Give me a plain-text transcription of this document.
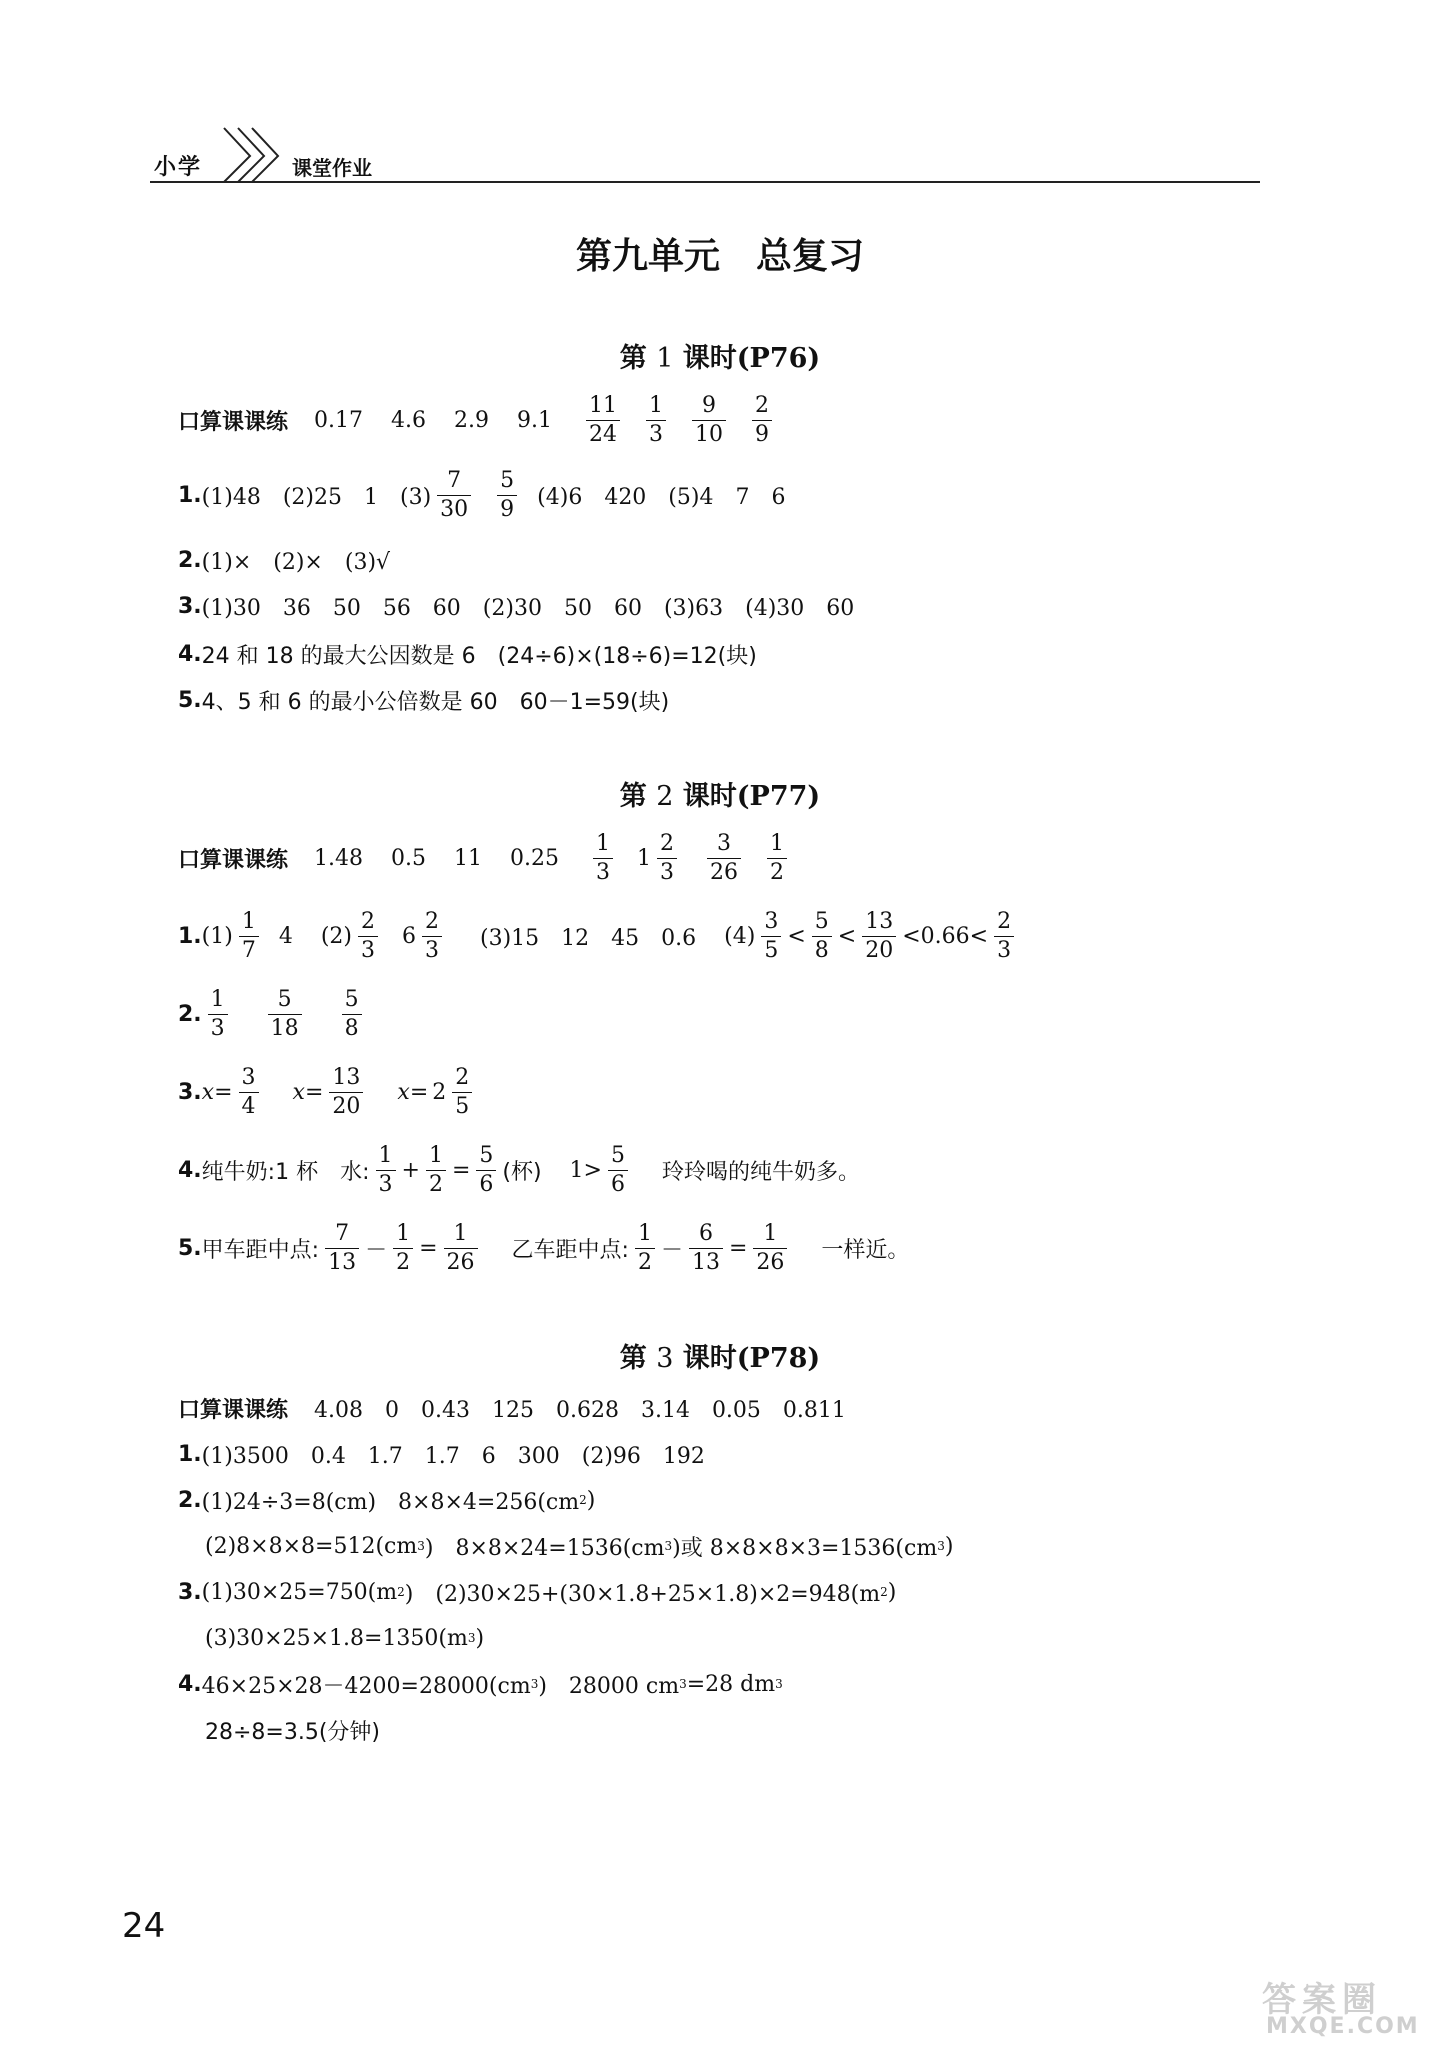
小学	课堂作业
第九单元　总复习
第 1 课时(P76)
口算课课练 0.17 4.6 2.9 $9.1 \frac{11}{24} \frac{1}{3} \frac{9}{10} \frac{2}{9}$
1. (1)48　(2)25　1　$(3) \frac{7}{30} \frac{5}{9} (4)6$　420　(5)4　7　6
2. (1)×　(2)×　(3)√
3. (1)30　36　50　56　60　(2)30　50　60　(3)63　(4)30　60
4. 24 和 18 的最大公因数是 6　(24÷6)×(18÷6)=12(块)
5. 4、5 和 6 的最小公倍数是 60　60－1=59(块)
第 2 课时(P77)
口算课课练 1.48 0.5 11 $0.25 \frac{1}{3} 1 \frac{2}{3} \frac{3}{26} \frac{1}{2}$
1. $(1) \frac{1}{7} 4$ $(2) \frac{2}{3} 6 \frac{2}{3} (3)15$　12　45　0.6 $(4) \frac{3}{5} < \frac{5}{8} < \frac{13}{20} <0.66< \frac{2}{3}$
2. $\frac{1}{3} \frac{5}{18} \frac{5}{8}$
3. $x = \frac{3}{4}$ $x = \frac{13}{20}$ $x = 2 \frac{2}{5}$
4. 纯牛奶:1 杯　水: $\frac{1}{3} + \frac{1}{2} = \frac{5}{6}$ (杯) $1> \frac{5}{6}$ 玲玲喝的纯牛奶多。
5. 甲车距中点: $\frac{7}{13} - \frac{1}{2} = \frac{1}{26}$ 乙车距中点: $\frac{1}{2} - \frac{6}{13} = \frac{1}{26}$ 一样近。
第 3 课时(P78)
口算课课练 4.08　0　0.43　125　0.628　3.14　0.05　0.811
1. (1)3500　0.4　1.7　1.7　6　300　(2)96　192
2. (1)24÷3=8(cm)　8×8×4=256(cm 2 )
(2)8×8×8=512(cm 3 )　8×8×24=1536(cm 3 )或 8×8×8×3=1536(cm 3 )
3. (1)30×25=750(m 2 )　(2)30×25+(30×1.8+25×1.8)×2=948(m 2 )
(3)30×25×1.8=1350(m 3 )
4. 46×25×28－4200=28000(cm 3 )　28000 cm 3 =28 dm 3
28÷8=3.5(分钟)
24
答案圈
MXQE.COM
